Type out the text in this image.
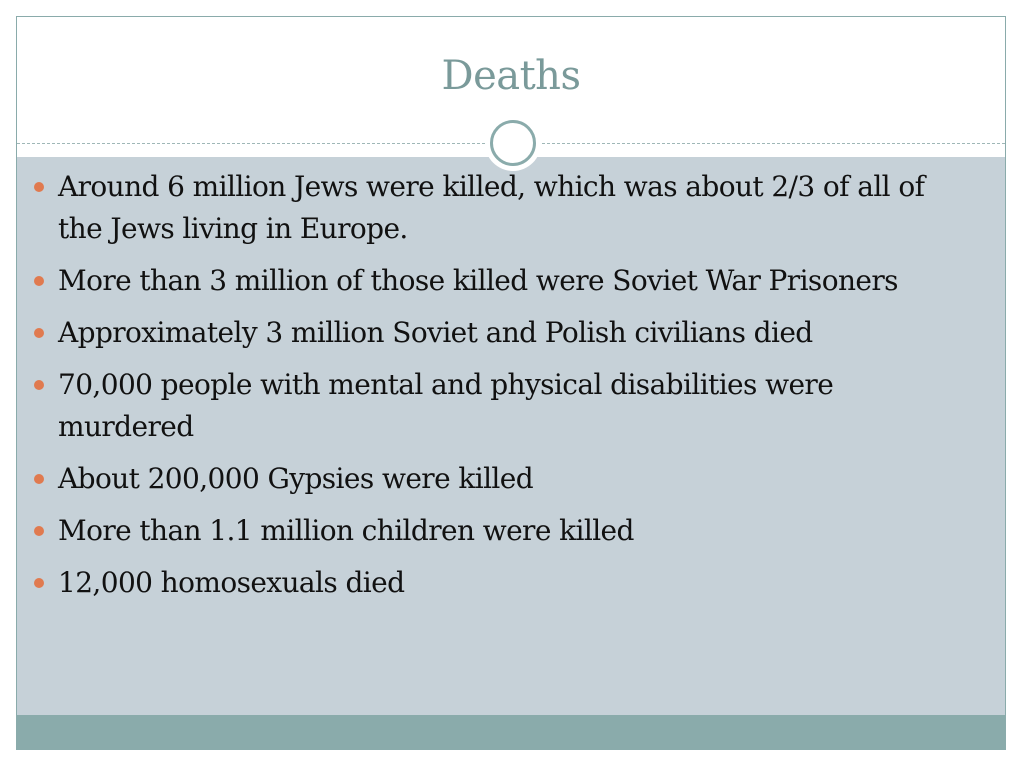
Deaths
Around 6 million Jews were killed, which was about 2/3 of all of the Jews living in Europe.
More than 3 million of those killed were Soviet War Prisoners
Approximately 3 million Soviet and Polish civilians died
70,000 people with mental and physical disabilities were murdered
About 200,000 Gypsies were killed
More than 1.1 million children were killed
12,000 homosexuals died
